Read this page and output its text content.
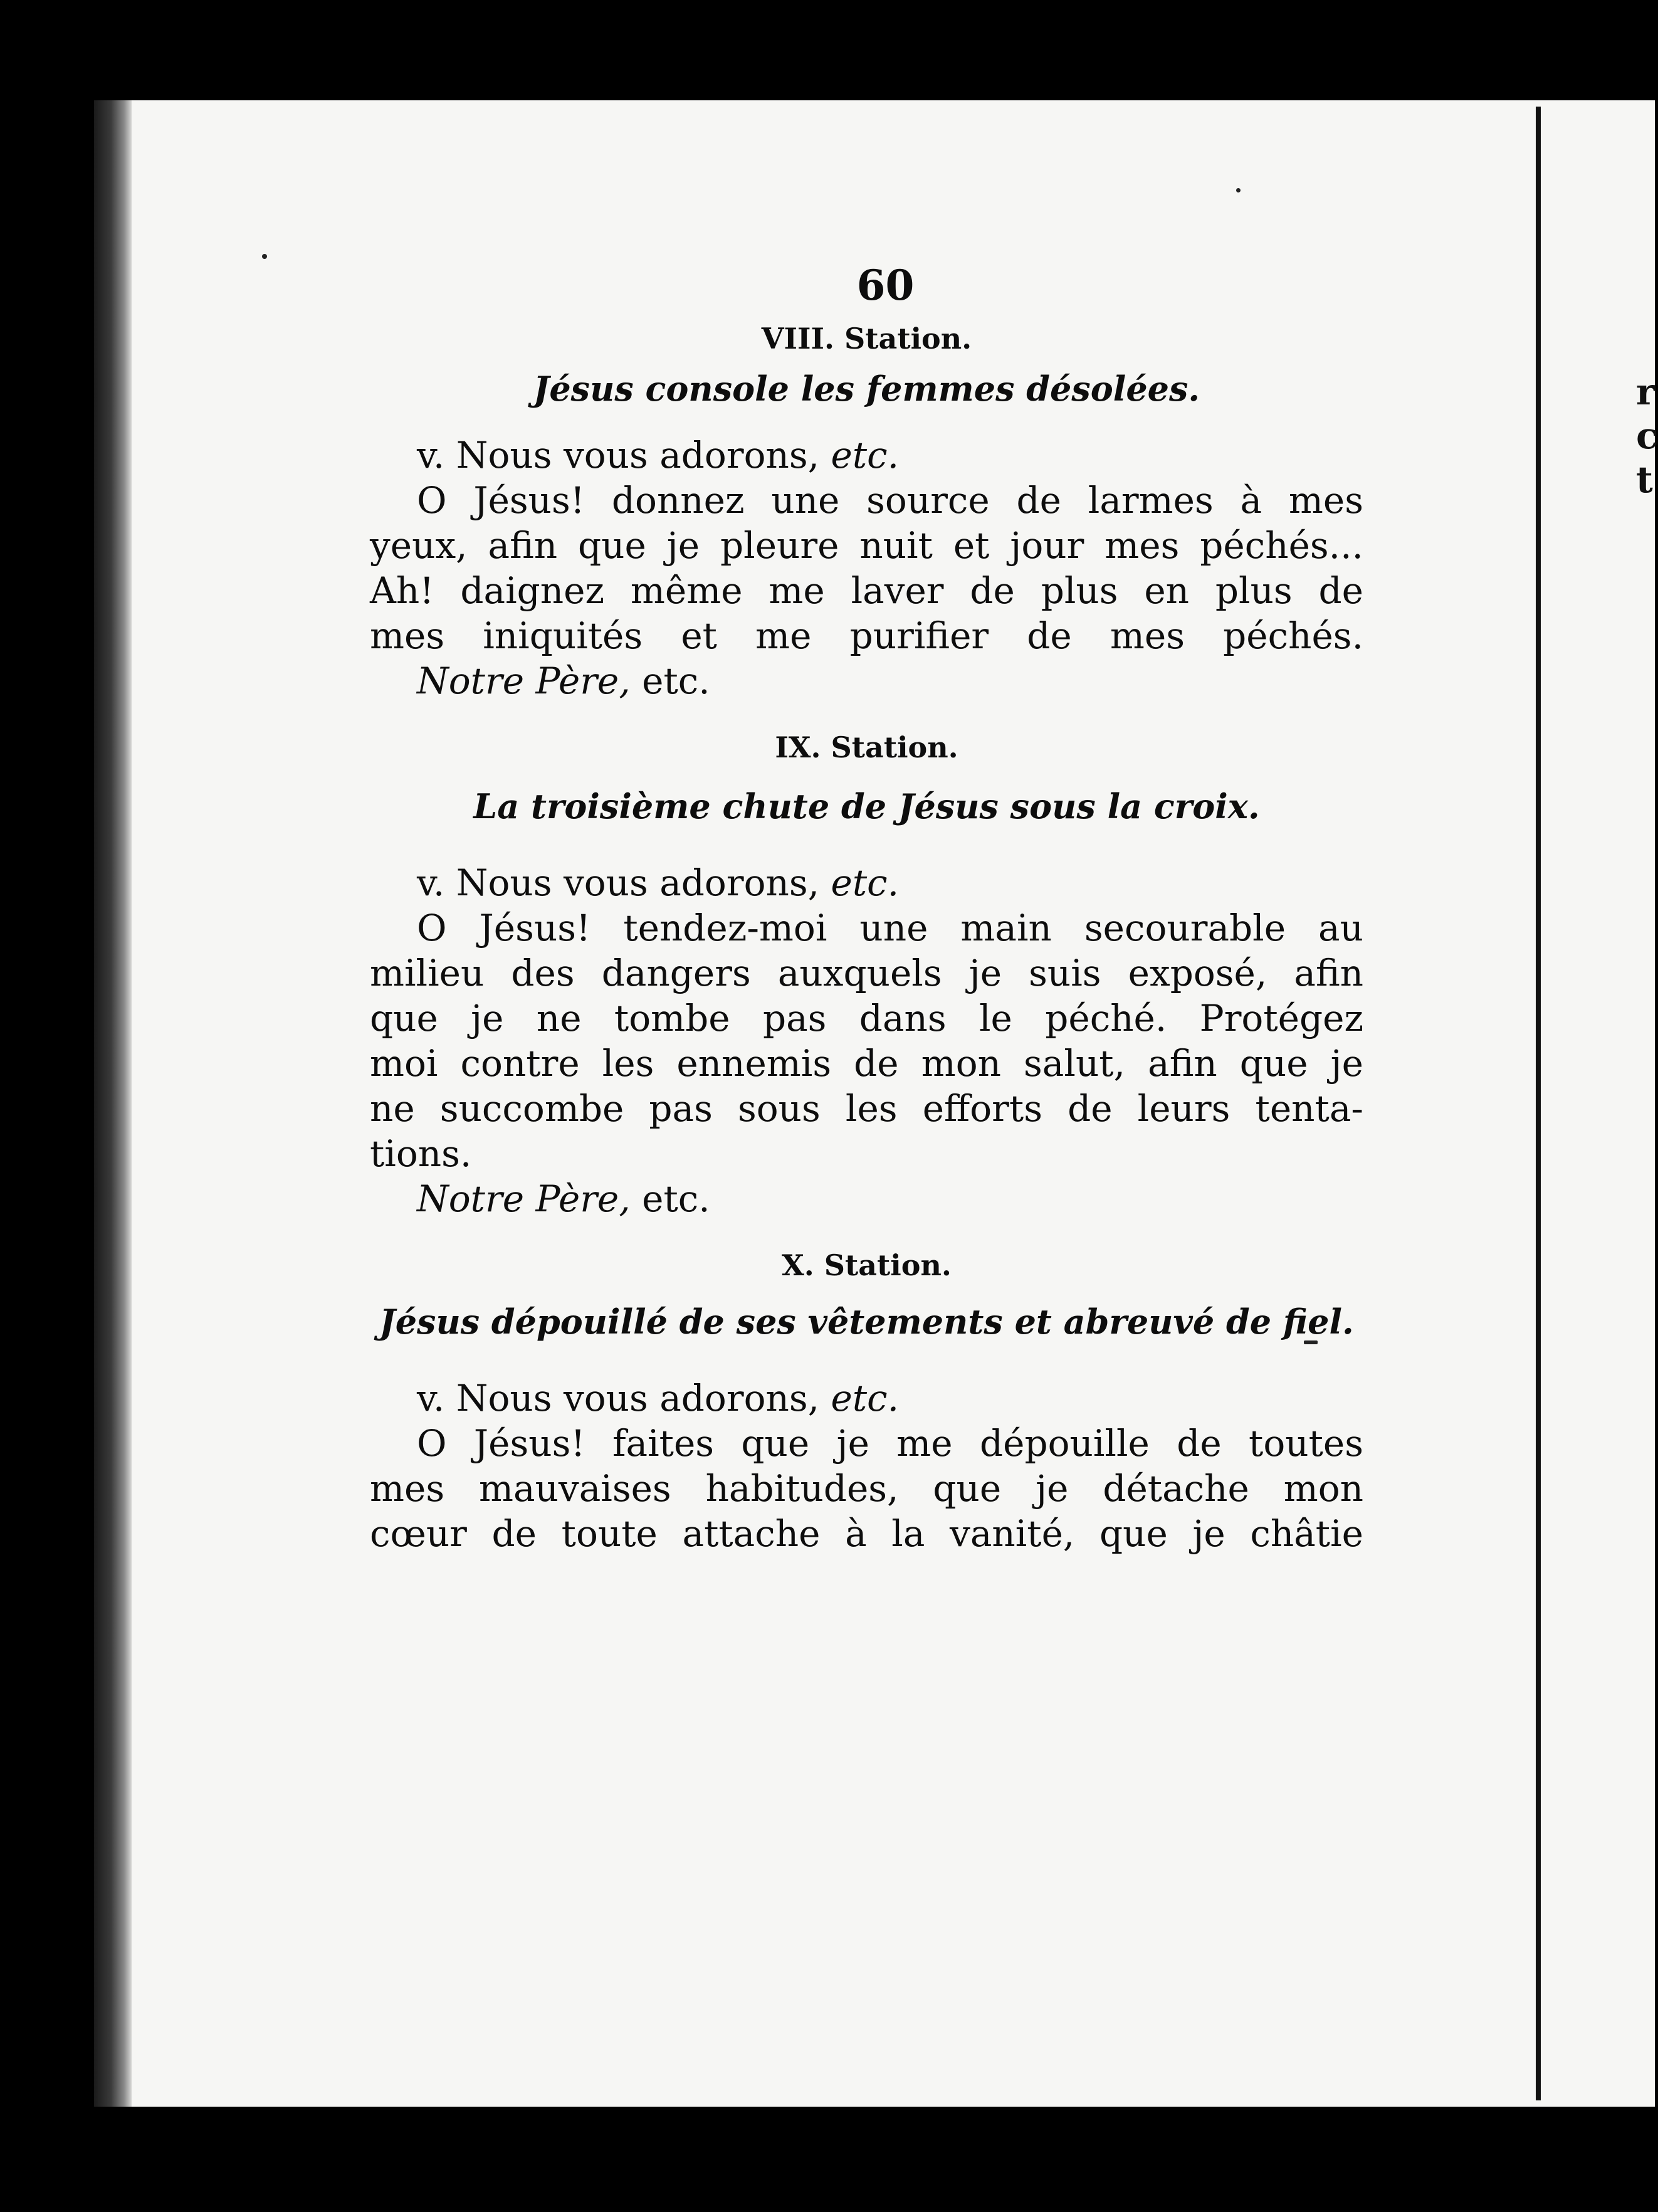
r
c
t
60
VIII. Station.
Jésus console les femmes désolées.
v. Nous vous adorons, etc.
O Jésus! donnez une source de larmes à mes
yeux, afin que je pleure nuit et jour mes péchés...
Ah! daignez même me laver de plus en plus de
mes iniquités et me purifier de mes péchés.
Notre Père, etc.
IX. Station.
La troisième chute de Jésus sous la croix.
v. Nous vous adorons, etc.
O Jésus! tendez-moi une main secourable au
milieu des dangers auxquels je suis exposé, afin
que je ne tombe pas dans le péché. Protégez
moi contre les ennemis de mon salut, afin que je
ne succombe pas sous les efforts de leurs tenta-
tions.
Notre Père, etc.
X. Station.
Jésus dépouillé de ses vêtements et abreuvé de fiel.
v. Nous vous adorons, etc.
O Jésus! faites que je me dépouille de toutes
mes mauvaises habitudes, que je détache mon
cœur de toute attache à la vanité, que je châtie
